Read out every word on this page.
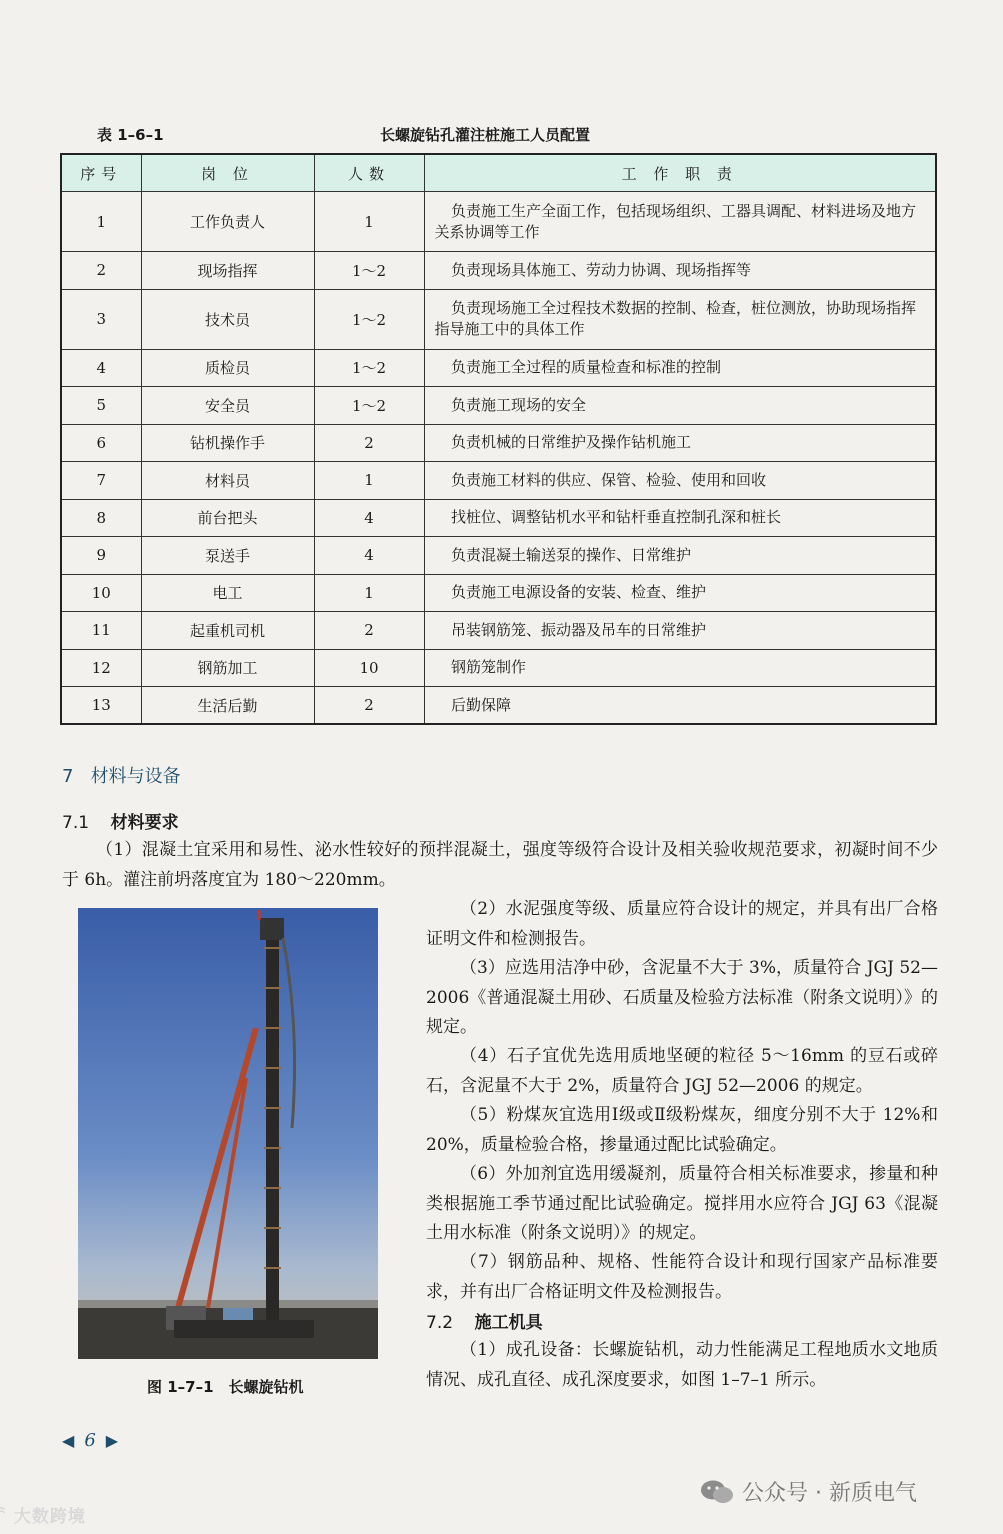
表 1–6–1	长螺旋钻孔灌注桩施工人员配置
序号	岗 位	人数	工 作 职 责
1	工作负责人	1	负责施工生产全面工作，包括现场组织、工器具调配、材料进场及地方关系协调等工作
2	现场指挥	1～2	负责现场具体施工、劳动力协调、现场指挥等
3	技术员	1～2	负责现场施工全过程技术数据的控制、检查，桩位测放，协助现场指挥指导施工中的具体工作
4	质检员	1～2	负责施工全过程的质量检查和标准的控制
5	安全员	1～2	负责施工现场的安全
6	钻机操作手	2	负责机械的日常维护及操作钻机施工
7	材料员	1	负责施工材料的供应、保管、检验、使用和回收
8	前台把头	4	找桩位、调整钻机水平和钻杆垂直控制孔深和桩长
9	泵送手	4	负责混凝土输送泵的操作、日常维护
10	电工	1	负责施工电源设备的安装、检查、维护
11	起重机司机	2	吊装钢筋笼、振动器及吊车的日常维护
12	钢筋加工	10	钢筋笼制作
13	生活后勤	2	后勤保障
7 材料与设备
7.1 材料要求

（1）混凝土宜采用和易性、泌水性较好的预拌混凝土，强度等级符合设计及相关验收规范要求，初凝时间不少于 6h。灌注前坍落度宜为 180～220mm。

图 1–7–1　长螺旋钻机

（2）水泥强度等级、质量应符合设计的规定，并具有出厂合格证明文件和检测报告。

（3）应选用洁净中砂，含泥量不大于 3%，质量符合 JGJ 52—2006《普通混凝土用砂、石质量及检验方法标准（附条文说明）》的规定。

（4）石子宜优先选用质地坚硬的粒径 5～16mm 的豆石或碎石，含泥量不大于 2%，质量符合 JGJ 52—2006 的规定。

（5）粉煤灰宜选用Ⅰ级或Ⅱ级粉煤灰，细度分别不大于 12%和 20%，质量检验合格，掺量通过配比试验确定。

（6）外加剂宜选用缓凝剂，质量符合相关标准要求，掺量和种类根据施工季节通过配比试验确定。搅拌用水应符合 JGJ 63《混凝土用水标准（附条文说明）》的规定。

（7）钢筋品种、规格、性能符合设计和现行国家产品标准要求，并有出厂合格证明文件及检测报告。

7.2 施工机具

（1）成孔设备：长螺旋钻机，动力性能满足工程地质水文地质情况、成孔直径、成孔深度要求，如图 1–7–1 所示。

◀ 6 ▶
公众号 · 新质电气
ꩰ 大数跨境
